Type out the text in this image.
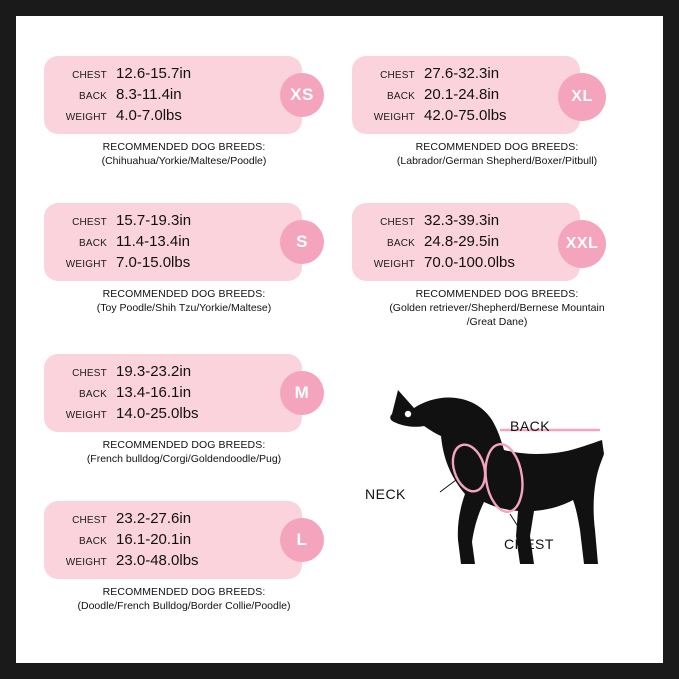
CHEST 12.6-15.7in
BACK 8.3-11.4in
WEIGHT 4.0-7.0lbs
XS
RECOMMENDED DOG BREEDS:
(Chihuahua/Yorkie/Maltese/Poodle)
CHEST 15.7-19.3in
BACK 11.4-13.4in
WEIGHT 7.0-15.0lbs
S
RECOMMENDED DOG BREEDS:
(Toy Poodle/Shih Tzu/Yorkie/Maltese)
CHEST 19.3-23.2in
BACK 13.4-16.1in
WEIGHT 14.0-25.0lbs
M
RECOMMENDED DOG BREEDS:
(French bulldog/Corgi/Goldendoodle/Pug)
CHEST 23.2-27.6in
BACK 16.1-20.1in
WEIGHT 23.0-48.0lbs
L
RECOMMENDED DOG BREEDS:
(Doodle/French Bulldog/Border Collie/Poodle)
CHEST 27.6-32.3in
BACK 20.1-24.8in
WEIGHT 42.0-75.0lbs
XL
RECOMMENDED DOG BREEDS:
(Labrador/German Shepherd/Boxer/Pitbull)
CHEST 32.3-39.3in
BACK 24.8-29.5in
WEIGHT 70.0-100.0lbs
XXL
RECOMMENDED DOG BREEDS:
(Golden retriever/Shepherd/Bernese Mountain
/Great Dane)
BACK
NECK
CHEST
